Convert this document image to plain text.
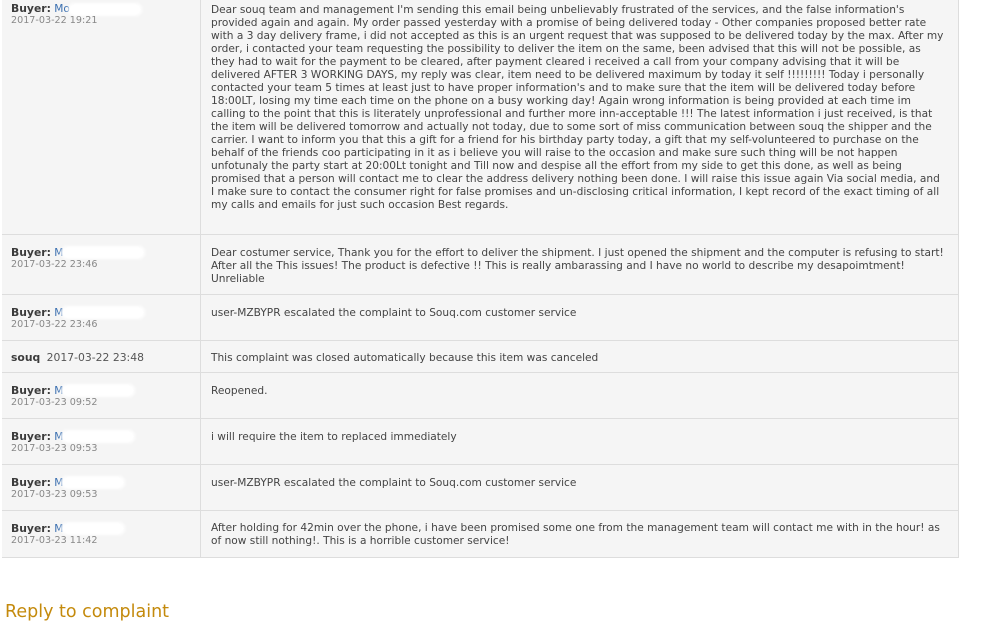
Buyer: Mo
2017-03-22 19:21	Dear souq team and management I'm sending this email being unbelievably frustrated of the services, and the false information's provided again and again. My order passed yesterday with a promise of being delivered today - Other companies proposed better rate with a 3 day delivery frame, i did not accepted as this is an urgent request that was supposed to be delivered today by the max. After my order, i contacted your team requesting the possibility to deliver the item on the same, been advised that this will not be possible, as they had to wait for the payment to be cleared, after payment cleared i received a call from your company advising that it will be delivered AFTER 3 WORKING DAYS, my reply was clear, item need to be delivered maximum by today it self !!!!!!!!! Today i personally contacted your team 5 times at least just to have proper information's and to make sure that the item will be delivered today before 18:00LT, losing my time each time on the phone on a busy working day! Again wrong information is being provided at each time im calling to the point that this is literately unprofessional and further more inn-acceptable !!! The latest information i just received, is that the item will be delivered tomorrow and actually not today, due to some sort of miss communication between souq the shipper and the carrier. I want to inform you that this a gift for a friend for his birthday party today, a gift that my self-volunteered to purchase on the behalf of the friends coo participating in it as i believe you will raise to the occasion and make sure such thing will be not happen unfotunaly the party start at 20:00Lt tonight and Till now and despise all the effort from my side to get this done, as well as being promised that a person will contact me to clear the address delivery nothing been done. I will raise this issue again Via social media, and I make sure to contact the consumer right for false promises and un-disclosing critical information, I kept record of the exact timing of all my calls and emails for just such occasion Best regards.

Buyer: M
2017-03-22 23:46	Dear costumer service, Thank you for the effort to deliver the shipment. I just opened the shipment and the computer is refusing to start! After all the This issues! The product is defective !! This is really ambarassing and I have no world to describe my desapoimtment! Unreliable

Buyer: M
2017-03-22 23:46	user-MZBYPR escalated the complaint to Souq.com customer service

souq 2017-03-22 23:48	This complaint was closed automatically because this item was canceled

Buyer: M
2017-03-23 09:52	Reopened.

Buyer: M
2017-03-23 09:53	i will require the item to replaced immediately

Buyer: M
2017-03-23 09:53	user-MZBYPR escalated the complaint to Souq.com customer service

Buyer: M
2017-03-23 11:42	After holding for 42min over the phone, i have been promised some one from the management team will contact me with in the hour! as of now still nothing!. This is a horrible customer service!
Reply to complaint
